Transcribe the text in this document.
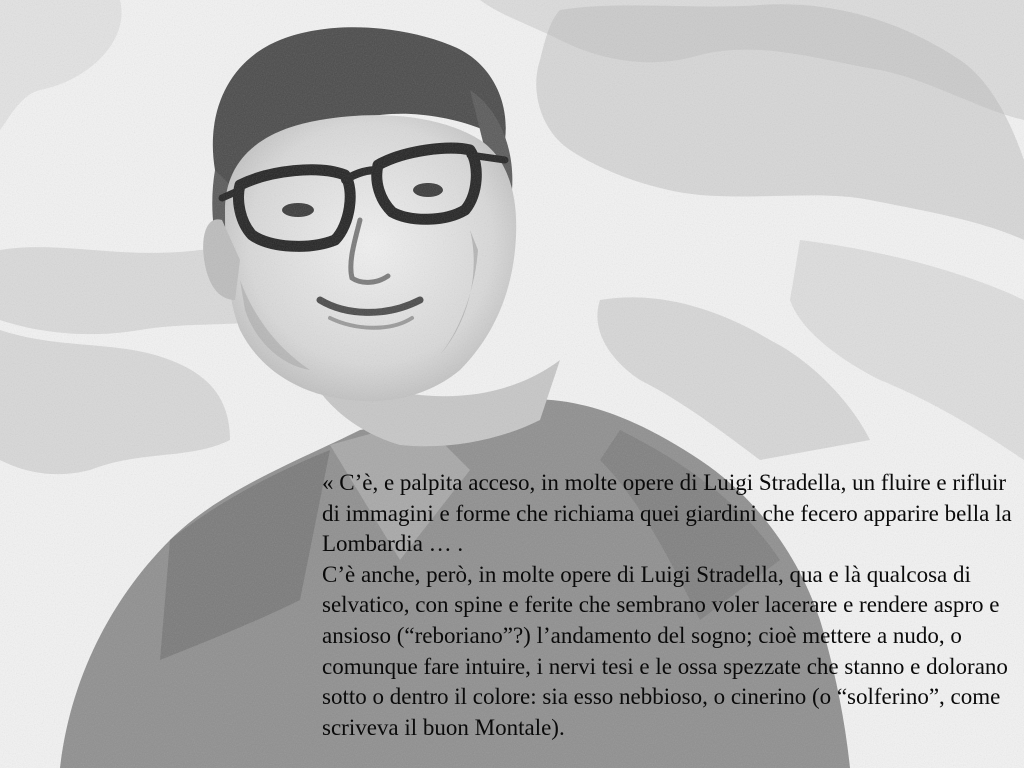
« C’è, e palpita acceso, in molte opere di Luigi Stradella, un fluire e rifluir di immagini e forme che richiama quei giardini che fecero apparire bella la Lombardia … .

C’è anche, però, in molte opere di Luigi Stradella, qua e là qualcosa di selvatico, con spine e ferite che sembrano voler lacerare e rendere aspro e ansioso (“reboriano”?) l’andamento del sogno; cioè mettere a nudo, o comunque fare intuire, i nervi tesi e le ossa spezzate che stanno e dolorano sotto o dentro il colore: sia esso nebbioso, o cinerino (o “solferino”, come scriveva il buon Montale).
